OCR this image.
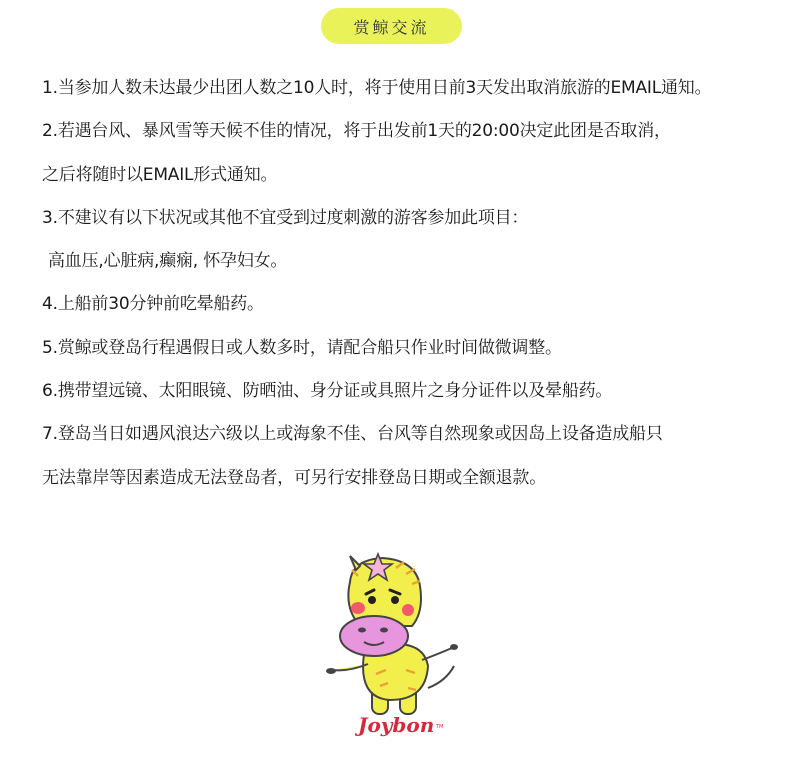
赏鲸交流
1.当参加人数未达最少出团人数之10人时，将于使用日前3天发出取消旅游的EMAIL通知。
2.若遇台风、暴风雪等天候不佳的情况，将于出发前1天的20:00决定此团是否取消，
之后将随时以EMAIL形式通知。
3.不建议有以下状况或其他不宜受到过度刺激的游客参加此项目：
高血压,心脏病,癫痫, 怀孕妇女。
4.上船前30分钟前吃晕船药。
5.赏鲸或登岛行程遇假日或人数多时，请配合船只作业时间做微调整。
6.携带望远镜、太阳眼镜、防晒油、身分证或具照片之身分证件以及晕船药。
7.登岛当日如遇风浪达六级以上或海象不佳、台风等自然现象或因岛上设备造成船只
无法靠岸等因素造成无法登岛者，可另行安排登岛日期或全额退款。
Joybon TM
